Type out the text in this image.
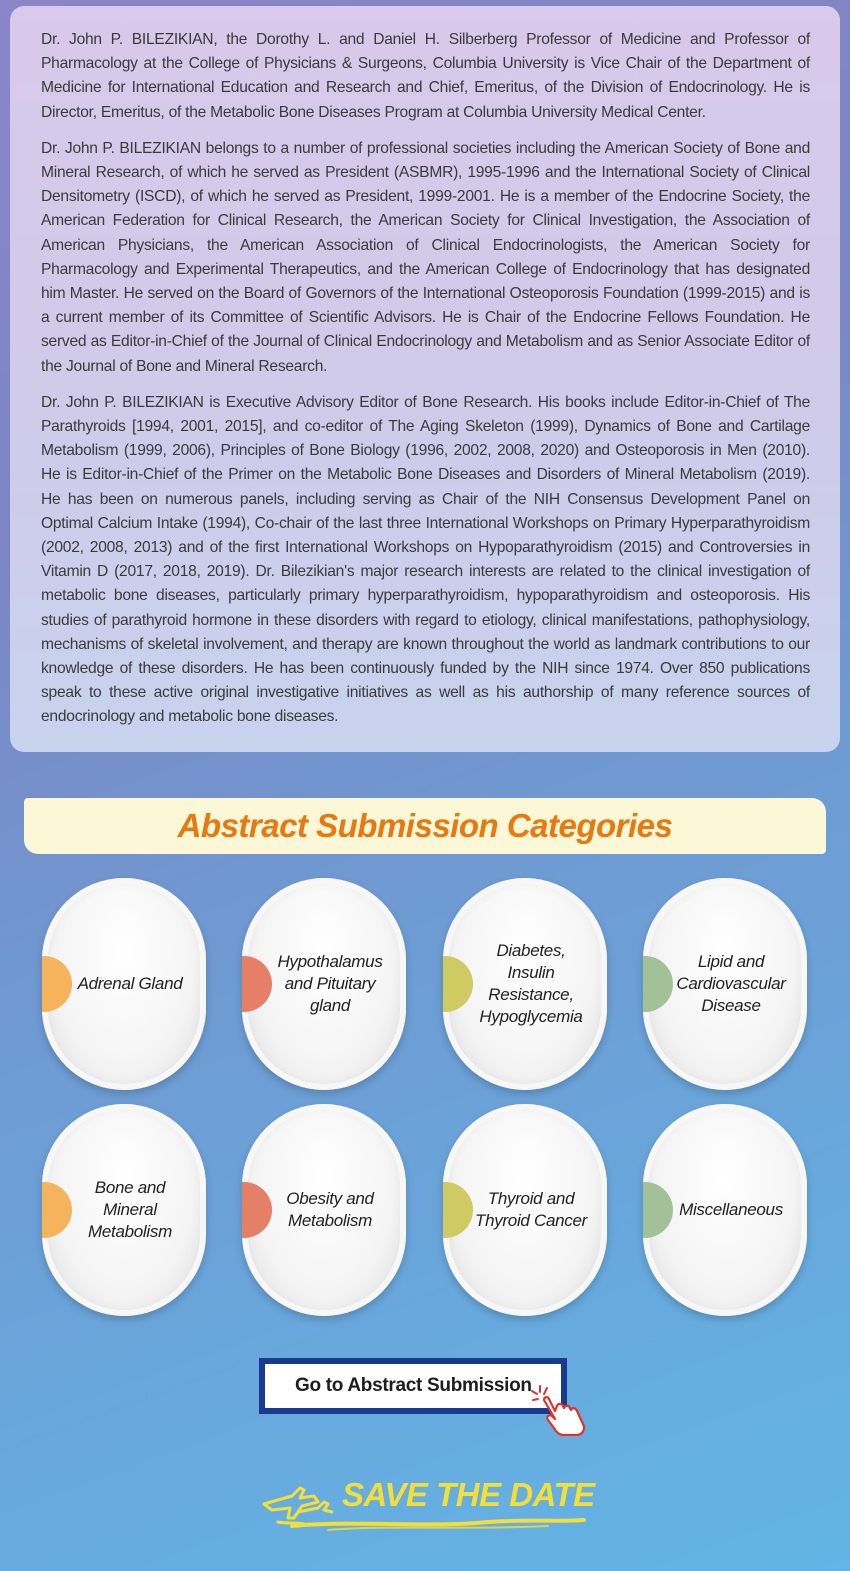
Dr. John P. BILEZIKIAN, the Dorothy L. and Daniel H. Silberberg Professor of Medicine and Professor of Pharmacology at the College of Physicians & Surgeons, Columbia University is Vice Chair of the Department of Medicine for International Education and Research and Chief, Emeritus, of the Division of Endocrinology. He is Director, Emeritus, of the Metabolic Bone Diseases Program at Columbia University Medical Center.

Dr. John P. BILEZIKIAN belongs to a number of professional societies including the American Society of Bone and Mineral Research, of which he served as President (ASBMR), 1995-1996 and the International Society of Clinical Densitometry (ISCD), of which he served as President, 1999-2001. He is a member of the Endocrine Society, the American Federation for Clinical Research, the American Society for Clinical Investigation, the Association of American Physicians, the American Association of Clinical Endocrinologists, the American Society for Pharmacology and Experimental Therapeutics, and the American College of Endocrinology that has designated him Master. He served on the Board of Governors of the International Osteoporosis Foundation (1999-2015) and is a current member of its Committee of Scientific Advisors. He is Chair of the Endocrine Fellows Foundation. He served as Editor-in-Chief of the Journal of Clinical Endocrinology and Metabolism and as Senior Associate Editor of the Journal of Bone and Mineral Research.

Dr. John P. BILEZIKIAN is Executive Advisory Editor of Bone Research. His books include Editor-in-Chief of The Parathyroids [1994, 2001, 2015], and co-editor of The Aging Skeleton (1999), Dynamics of Bone and Cartilage Metabolism (1999, 2006), Principles of Bone Biology (1996, 2002, 2008, 2020) and Osteoporosis in Men (2010). He is Editor-in-Chief of the Primer on the Metabolic Bone Diseases and Disorders of Mineral Metabolism (2019). He has been on numerous panels, including serving as Chair of the NIH Consensus Development Panel on Optimal Calcium Intake (1994), Co-chair of the last three International Workshops on Primary Hyperparathyroidism (2002, 2008, 2013) and of the first International Workshops on Hypoparathyroidism (2015) and Controversies in Vitamin D (2017, 2018, 2019). Dr. Bilezikian's major research interests are related to the clinical investigation of metabolic bone diseases, particularly primary hyperparathyroidism, hypoparathyroidism and osteoporosis. His studies of parathyroid hormone in these disorders with regard to etiology, clinical manifestations, pathophysiology, mechanisms of skeletal involvement, and therapy are known throughout the world as landmark contributions to our knowledge of these disorders. He has been continuously funded by the NIH since 1974. Over 850 publications speak to these active original investigative initiatives as well as his authorship of many reference sources of endocrinology and metabolic bone diseases.

Abstract Submission Categories
Adrenal Gland
Hypothalamus and Pituitary gland
Diabetes, Insulin Resistance, Hypoglycemia
Lipid and Cardiovascular Disease
Bone and Mineral Metabolism
Obesity and Metabolism
Thyroid and Thyroid Cancer
Miscellaneous
Go to Abstract Submission
SAVE THE DATE
